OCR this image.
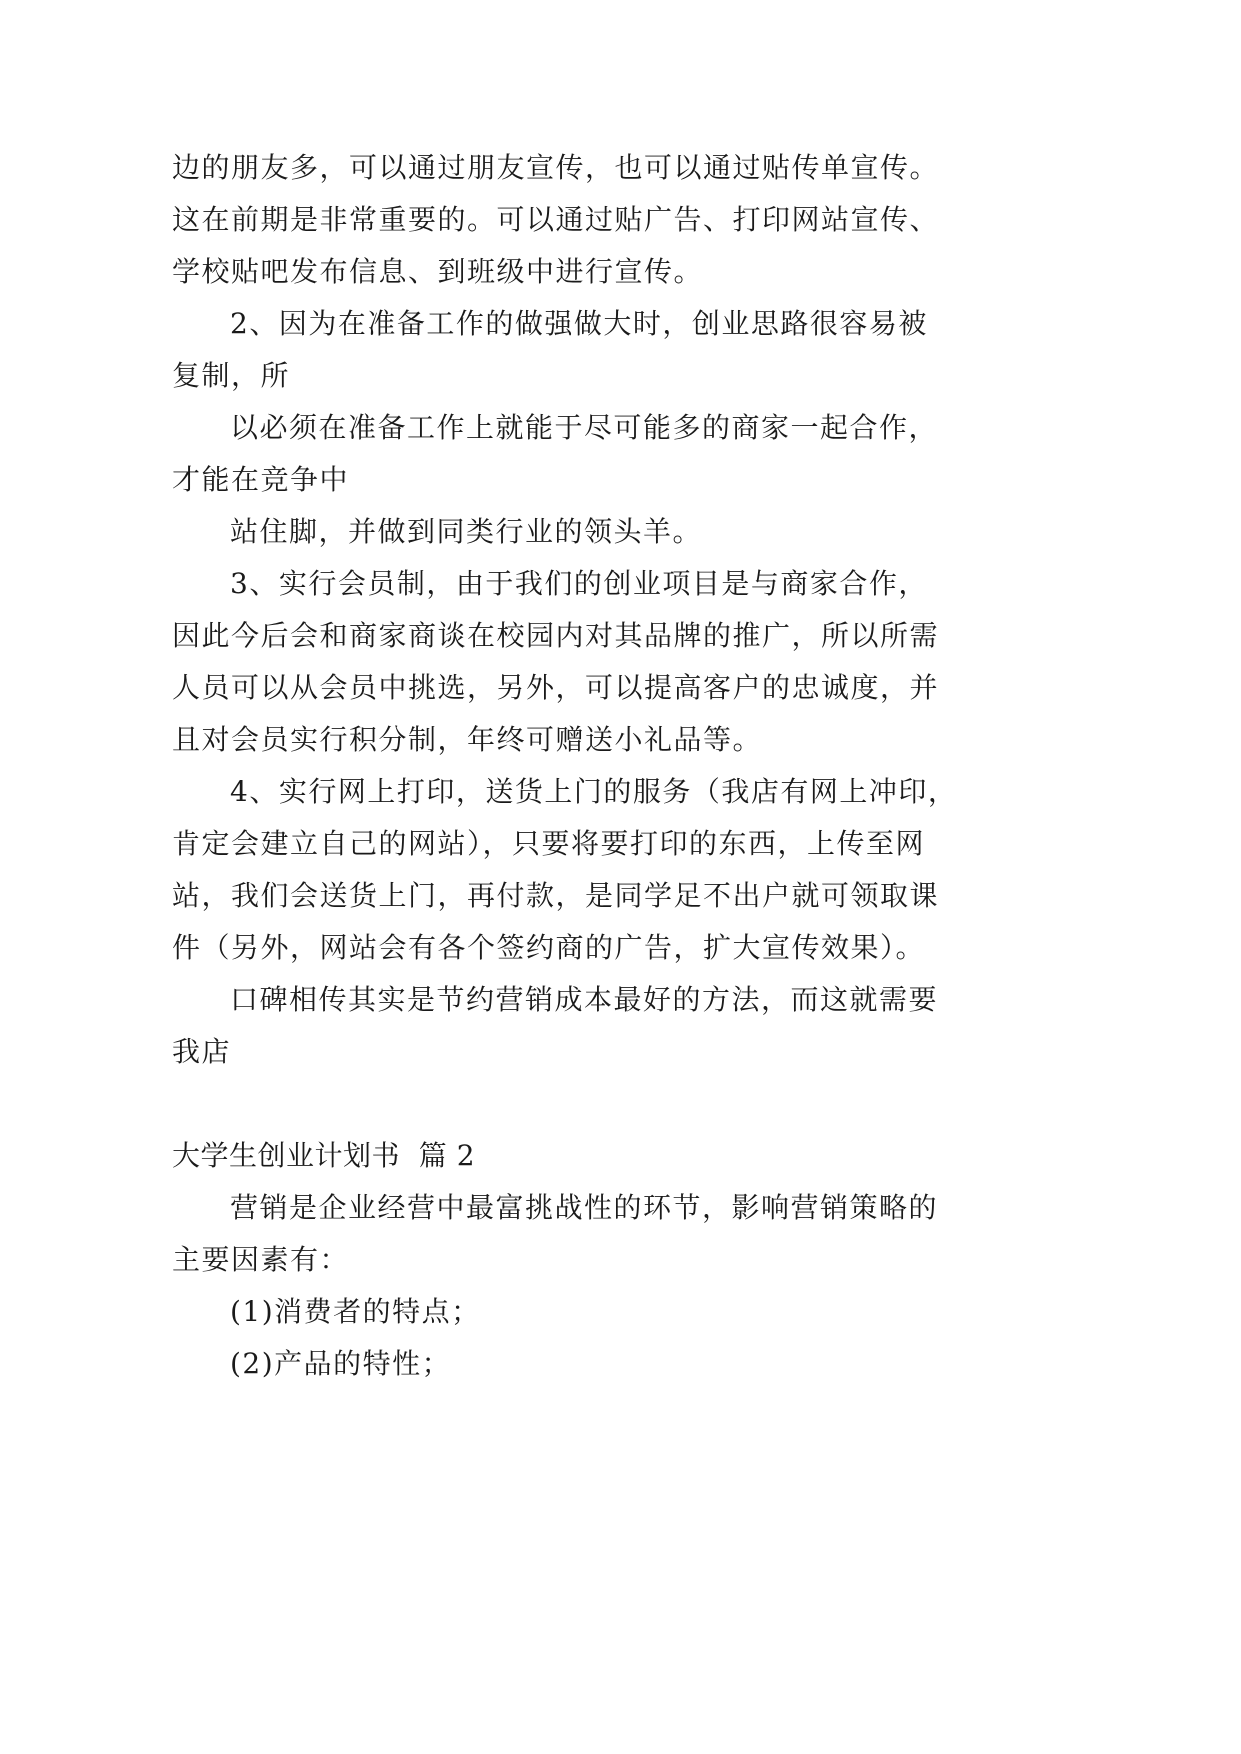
边的朋友多，可以通过朋友宣传，也可以通过贴传单宣传。
这在前期是非常重要的。可以通过贴广告、打印网站宣传、
学校贴吧发布信息、到班级中进行宣传。
2、因为在准备工作的做强做大时，创业思路很容易被
复制，所
以必须在准备工作上就能于尽可能多的商家一起合作，
才能在竞争中
站住脚，并做到同类行业的领头羊。
3、实行会员制，由于我们的创业项目是与商家合作，
因此今后会和商家商谈在校园内对其品牌的推广，所以所需
人员可以从会员中挑选，另外，可以提高客户的忠诚度，并
且对会员实行积分制，年终可赠送小礼品等。
4、实行网上打印，送货上门的服务（我店有网上冲印，
肯定会建立自己的网站），只要将要打印的东西，上传至网
站，我们会送货上门，再付款，是同学足不出户就可领取课
件（另外，网站会有各个签约商的广告，扩大宣传效果）。
口碑相传其实是节约营销成本最好的方法，而这就需要
我店
大学生创业计划书  篇 2
营销是企业经营中最富挑战性的环节，影响营销策略的
主要因素有：
(1)消费者的特点；
(2)产品的特性；
